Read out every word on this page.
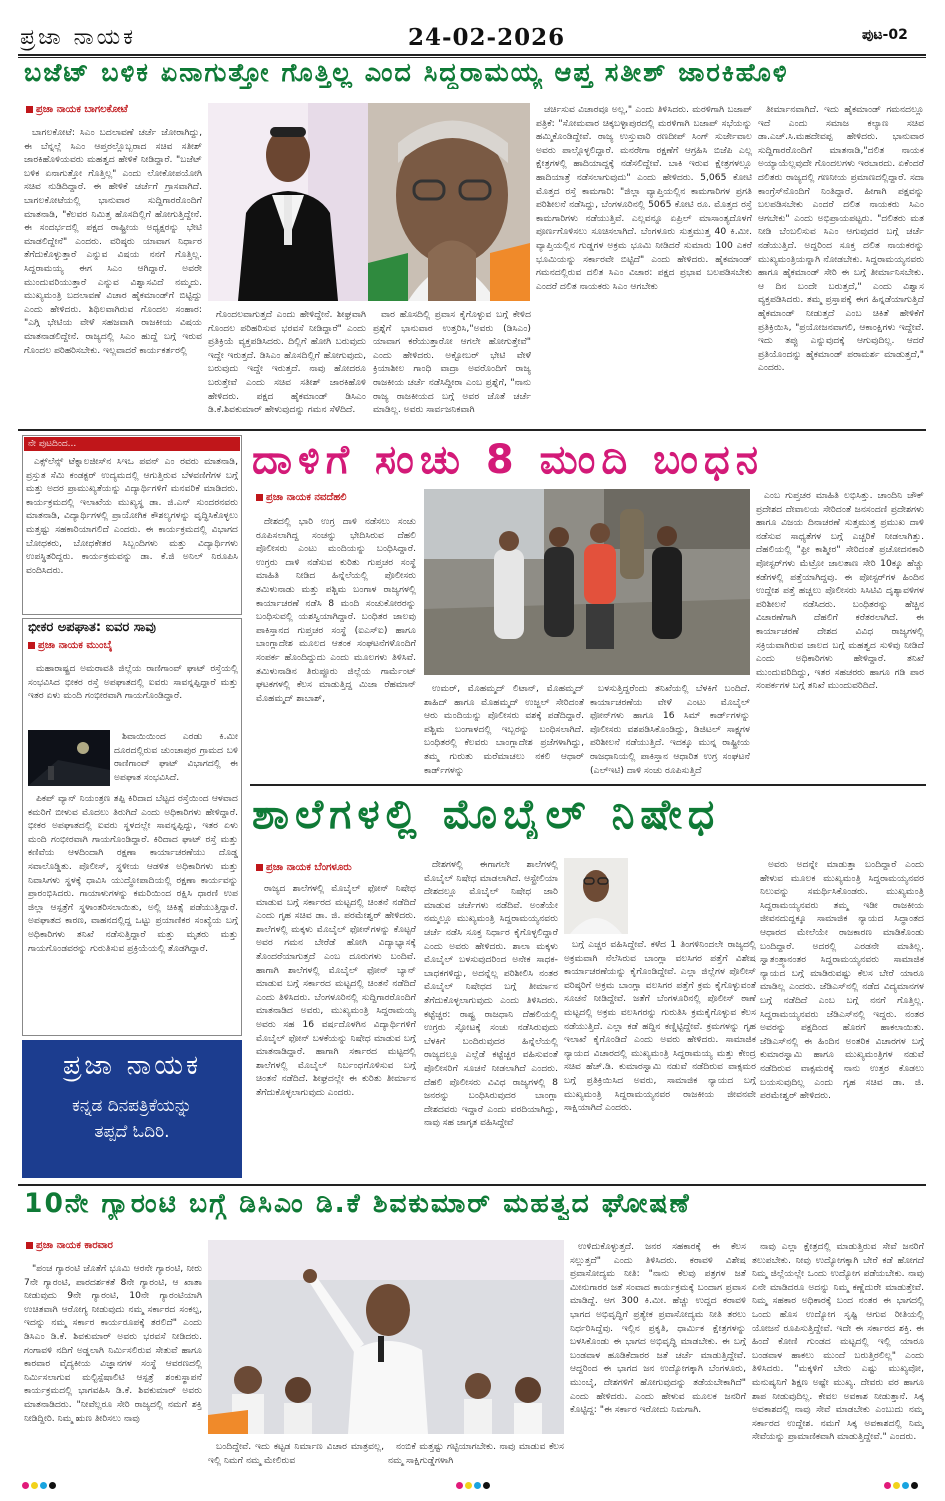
ಪ್ರಜಾ ನಾಯಕ	24-02-2026	ಪುಟ-02
ಬಜೆಟ್ ಬಳಿಕ ಏನಾಗುತ್ತೋ ಗೊತ್ತಿಲ್ಲ ಎಂದ ಸಿದ್ದರಾಮಯ್ಯ ಆಪ್ತ ಸತೀಶ್ ಜಾರಕಿಹೊಳಿ
ಪ್ರಜಾ ನಾಯಕ ಬಾಗಲಕೋಟೆ

ಬಾಗಲಕೋಟೆ: ಸಿಎಂ ಬದಲಾವಣೆ ಚರ್ಚೆ ಜೋರಾಗಿದ್ದು, ಈ ಬೆನ್ನಲ್ಲೆ ಸಿಎಂ ಆಪ್ತರಲ್ಲೊಬ್ಬರಾದ ಸಚಿವ ಸತೀಶ್ ಜಾರಕಿಹೊಳಿಯವರು ಮಹತ್ವದ ಹೇಳಿಕೆ ನೀಡಿದ್ದಾರೆ. "ಬಜೆಟ್ ಬಳಿಕ ಏನಾಗುತ್ತೋ ಗೊತ್ತಿಲ್ಲ" ಎಂದು ಲೋಕೋಪಯೋಗಿ ಸಚಿವ ನುಡಿದಿದ್ದಾರೆ. ಈ ಹೇಳಿಕೆ ಚರ್ಚೆಗೆ ಗ್ರಾಸವಾಗಿದೆ. ಬಾಗಲಕೋಟೆಯಲ್ಲಿ ಭಾನುವಾರ ಸುದ್ದಿಗಾರರೊಂದಿಗೆ ಮಾತನಾಡಿ, "ಕೆಲವರ ನಿಮಿತ್ತ ಹೊಸದಿಲ್ಲಿಗೆ ಹೋಗುತ್ತಿದ್ದೇನೆ. ಈ ಸಂದರ್ಭದಲ್ಲಿ ಪಕ್ಷದ ರಾಷ್ಟ್ರೀಯ ಅಧ್ಯಕ್ಷರನ್ನು ಭೇಟಿ ಮಾಡಲಿದ್ದೇನೆ" ಎಂದರು. ವರಿಷ್ಠರು ಯಾವಾಗ ನಿರ್ಧಾರ ತೆಗೆದುಕೊಳ್ಳುತ್ತಾರೆ ಎನ್ನುವ ವಿಷಯ ನನಗೆ ಗೊತ್ತಿಲ್ಲ. ಸಿದ್ದರಾಮಯ್ಯ ಈಗ ಸಿಎಂ ಆಗಿದ್ದಾರೆ. ಅವರೇ ಮುಂದುವರಿಯುತ್ತಾರೆ ಎನ್ನುವ ವಿಶ್ವಾಸವಿದೆ ನಮ್ಮದು. ಮುಖ್ಯಮಂತ್ರಿ ಬದಲಾವಣೆ ವಿಚಾರ ಹೈಕಮಾಂಡ್‌ಗೆ ಬಿಟ್ಟಿದ್ದು ಎಂದು ಹೇಳಿದರು. ಶಿಥಿಲವಾಗಿರುವ ಗೊಂದಲ ಸಂಹಾರ: "ಎಗ್ಗಿ ಭೇಟಿಯ ವೇಳೆ ಸಹಜವಾಗಿ ರಾಜಕೀಯ ವಿಷಯ ಮಾತನಾಡಲಿದ್ದೇನೆ. ರಾಜ್ಯದಲ್ಲಿ ಸಿಎಂ ಹುದ್ದೆ ಬಗ್ಗೆ ಇರುವ ಗೊಂದಲ ಪರಿಹರಿಸಬೇಕು. ಇಲ್ಲವಾದರೆ ಕಾರ್ಯಕರ್ತರಲ್ಲಿ

ಗೊಂದಲವಾಗುತ್ತದೆ ಎಂದು ಹೇಳಿದ್ದೇನೆ. ಶೀಘ್ರವಾಗಿ ಗೊಂದಲ ಪರಿಹರಿಸುವ ಭರವಸೆ ನೀಡಿದ್ದಾರೆ" ಎಂದು ಪ್ರತಿಕ್ರಿಯೆ ವ್ಯಕ್ತಪಡಿಸಿದರು. ದಿಲ್ಲಿಗೆ ಹೋಗಿ ಬರುವುದು ಇದ್ದೇ ಇರುತ್ತದೆ. ಡಿಸಿಎಂ ಹೊಸದಿಲ್ಲಿಗೆ ಹೋಗುವುದು, ಬರುವುದು ಇದ್ದೇ ಇರುತ್ತದೆ. ನಾವು ಹೋದರೂ ಬರುತ್ತೇವೆ ಎಂದು ಸಚಿವ ಸತೀಶ್ ಜಾರಕಿಹೊಳಿ ಹೇಳಿದರು. ಪಕ್ಷದ ಹೈಕಮಾಂಡ್ ಡಿಸಿಎಂ ಡಿ.ಕೆ.ಶಿವಕುಮಾರ್ ಹೇಳುವುದನ್ನು ಗಮನ ಸೆಳೆದಿದೆ.

ವಾರ ಹೊಸದಿಲ್ಲಿ ಪ್ರವಾಸ ಕೈಗೊಳ್ಳುವ ಬಗ್ಗೆ ಕೇಳಿದ ಪ್ರಶ್ನೆಗೆ ಭಾನುವಾರ ಉತ್ತರಿಸಿ,"ಅವರು (ಡಿಸಿಎಂ) ಯಾವಾಗ ಕರೆಯುತ್ತಾರೋ ಆಗಲೇ ಹೋಗುತ್ತೇವೆ" ಎಂದು ಹೇಳಿದರು. ಅಕ್ಟೋಬರ್ ಭೇಟಿ ವೇಳೆ ಕ್ರಿಯಾಶೀಲ ಗಾಂಧಿ ವಾದ್ರಾ ಅವರೊಂದಿಗೆ ರಾಜ್ಯ ರಾಜಕೀಯ ಚರ್ಚೆ ನಡೆಸಿದ್ದೀರಾ ಎಂಬ ಪ್ರಶ್ನೆಗೆ, "ನಾನು ರಾಜ್ಯ ರಾಜಕೀಯದ ಬಗ್ಗೆ ಅವರ ಜೊತೆ ಚರ್ಚೆ ಮಾಡಿಲ್ಲ. ಅವರು ಸಾರ್ವಜನಿಕವಾಗಿ

ಚರ್ಚಿಸುವ ವಿಚಾರವೂ ಅಲ್ಲ," ಎಂದು ತಿಳಿಸಿದರು. ಮರಳಿಗಾಗಿ ಬಜಾಪ್ ಪತ್ರಿಕೆ: "ಸೋಮವಾರ ಚಿಕ್ಕಬಳ್ಳಾಪುರದಲ್ಲಿ ಮರಳಿಗಾಗಿ ಬಜಾಪ್ ಸಭೆಯನ್ನು ಹಮ್ಮಿಕೊಂಡಿದ್ದೇವೆ. ರಾಜ್ಯ ಉಸ್ತುವಾರಿ ರಣದೀಪ್ ಸಿಂಗ್ ಸುರ್ಜೇವಾಲ ಅವರು ಪಾಲ್ಗೊಳ್ಳಲಿದ್ದಾರೆ. ಮನರೇಗಾ ರಕ್ಷಣೆಗೆ ಆಗ್ರಹಿಸಿ ಬಿಜೆಪಿ ಎಲ್ಲ ಕ್ಷೇತ್ರಗಳಲ್ಲಿ ಹಾದಿಯಾದ್ದಕ್ಕೆ ನಡೆಸಲಿದ್ದೇವೆ. ಬಾಕಿ ಇರುವ ಕ್ಷೇತ್ರಗಳಲ್ಲೂ ಹಾದಿಯಾತ್ರೆ ನಡೆಸಲಾಗುವುದು" ಎಂದು ಹೇಳಿದರು. 5,065 ಕೋಟಿ ಮೊತ್ತದ ರಸ್ತೆ ಕಾಮಗಾರಿ: "ಜಿಲ್ಲಾ ವ್ಯಾಪ್ತಿಯಲ್ಲಿನ ಕಾಮಗಾರಿಗಳ ಪ್ರಗತಿ ಪರಿಶೀಲನೆ ನಡೆಸಿದ್ದು, ಬೆಂಗಳೂರಿನಲ್ಲಿ 5065 ಕೋಟಿ ರೂ. ಮೊತ್ತದ ರಸ್ತೆ ಕಾಮಗಾರಿಗಳು ನಡೆಯುತ್ತಿವೆ. ಎಲ್ಲವನ್ನೂ ಏಪ್ರಿಲ್ ಮಾಸಾಂತ್ಯದೊಳಗೆ ಪೂರ್ಣಗೊಳಿಸಲು ಸೂಚಿಸಲಾಗಿದೆ. ಬೆಂಗಳೂರು ಸುತ್ತಮುತ್ತ 40 ಕಿ.ಮೀ. ವ್ಯಾಪ್ತಿಯಲ್ಲಿನ ಗುಡ್ಡಗಳ ಅಕ್ರಮ ಭೂಮಿ ನೀಡಿದರೆ ಸುಮಾರು 100 ಎಕರೆ ಭೂಮಿಯನ್ನು ಸರ್ಕಾರವೇ ಬಿಟ್ಟಿದೆ" ಎಂದು ಹೇಳಿದರು. ಹೈಕಮಾಂಡ್ ಗಮನದಲ್ಲಿರುವ ದಲಿತ ಸಿಎಂ ವಿಚಾರ: ಪಕ್ಷದ ಪ್ರಭಾವ ಬಲಪಡಿಸಬೇಕು ಎಂದರೆ ದಲಿತ ನಾಯಕರು ಸಿಎಂ ಆಗಬೇಕು

ತೀರ್ಮಾನವಾಗಿದೆ. ಇದು ಹೈಕಮಾಂಡ್ ಗಮನದಲ್ಲೂ ಇದೆ ಎಂದು ಸಮಾಜ ಕಲ್ಯಾಣ ಸಚಿವ ಡಾ.ಎಚ್.ಸಿ.ಮಹದೇವಪ್ಪ ಹೇಳಿದರು. ಭಾನುವಾರ ಸುದ್ದಿಗಾರರೊಂದಿಗೆ ಮಾತನಾಡಿ,"ದಲಿತ ನಾಯಕ ಅಯ್ಯಾಯೆಲ್ಲವುದೇ ಗೊಂದಲಗಳು ಇರಬಾರದು. ಏಕೆಂದರೆ ದಲಿತರು ರಾಜ್ಯದಲ್ಲಿ ಗಣನೀಯ ಪ್ರಮಾಣದಲ್ಲಿದ್ದಾರೆ. ಸದಾ ಕಾಂಗ್ರೆಸ್‌ನೊಂದಿಗೆ ನಿಂತಿದ್ದಾರೆ. ಹೀಗಾಗಿ ಪಕ್ಷವನ್ನು ಬಲಪಡಿಸಬೇಕು ಎಂದರೆ ದಲಿತ ನಾಯಕರು ಸಿಎಂ ಆಗಬೇಕು" ಎಂದು ಅಭಿಪ್ರಾಯಪಟ್ಟರು. "ದಲಿತರು ಮತ ನೀಡಿ ಬೆಂಬಲಿಸುವ ಸಿಎಂ ಆಗುವುದರ ಬಗ್ಗೆ ಚರ್ಚೆ ನಡೆಯುತ್ತಿದೆ. ಅದ್ದರಿಂದ ಸೂಕ್ತ ದಲಿತ ನಾಯಕರನ್ನು ಮುಖ್ಯಮಂತ್ರಿಯನ್ನಾಗಿ ನೋಡಬೇಕು. ಸಿದ್ದರಾಮಯ್ಯನವರು ಹಾಗೂ ಹೈಕಮಾಂಡ್ ಸೇರಿ ಈ ಬಗ್ಗೆ ತೀರ್ಮಾನಿಸಬೇಕು. ಆ ದಿನ ಬಂದೇ ಬರುತ್ತದೆ," ಎಂದು ವಿಶ್ವಾಸ ವ್ಯಕ್ತಪಡಿಸಿದರು. ತಮ್ಮ ಪ್ರಸ್ತಾಪಕ್ಕೆ ಈಗ ಹಿನ್ನಡೆಯಾಗುತ್ತಿದೆ ಹೈಕಮಾಂಡ್ ನೀಡುತ್ತದೆ ಎಂಬ ಚಿಕಿತೆ ಹೇಳಿಕೆಗೆ ಪ್ರತಿಕ್ರಿಯಿಸಿ, "ಪ್ರಯೋಜನವಾಗಲಿ, ಆಕಾಂಕ್ಷಿಗಳು ಇದ್ದೇವೆ. ಇದು ತಪ್ಪು ಎನ್ನುವುದಕ್ಕೆ ಆಗುವುದಿಲ್ಲ. ಆದರೆ ಪ್ರತಿಯೊಂದನ್ನು ಹೈಕಮಾಂಡ್ ಪರಾಮರ್ಶ ಮಾಡುತ್ತದೆ," ಎಂದರು.

ನೇ ಪುಟದಿಂದ...

ಎಕ್ಸ್‌ಲೆನ್ಸ್ ಟೆಕ್ನಾಲಜೀಸ್‌ನ ಸಿಇಒ ಪವನ್ ಎಂ ರವರು ಮಾತನಾಡಿ, ಪ್ರಸ್ತುತ ಸೆಮಿ ಕಂಡಕ್ಟರ್ ಉದ್ಯಮದಲ್ಲಿ ಆಗುತ್ತಿರುವ ಬೆಳವಣಿಗೆಗಳ ಬಗ್ಗೆ ಮತ್ತು ಅದರ ಪ್ರಾಮುಖ್ಯತೆಯನ್ನು ವಿದ್ಯಾರ್ಥಿಗಳಿಗೆ ಮನವರಿಕೆ ಮಾಡಿದರು. ಕಾರ್ಯಕ್ರಮದಲ್ಲಿ ಇಲಾಖೆಯ ಮುಖ್ಯಸ್ಥ ಡಾ. ಜಿ.ಎನ್ ಸುಂದರನವರು ಮಾತನಾಡಿ, ವಿದ್ಯಾರ್ಥಿಗಳಲ್ಲಿ ಪ್ರಾಯೋಗಿಕ ಕೌಶಲ್ಯಗಳನ್ನು ವೃದ್ಧಿಸಿಕೊಳ್ಳಲು ಮತ್ತಷ್ಟು ಸಹಕಾರಿಯಾಗಲಿದೆ ಎಂದರು. ಈ ಕಾರ್ಯಕ್ರಮದಲ್ಲಿ ವಿಭಾಗದ ಬೋಧಕರು, ಬೋಧಕೇತರ ಸಿಬ್ಬಂದಿಗಳು ಮತ್ತು ವಿದ್ಯಾರ್ಥಿಗಳು ಉಪಸ್ಥಿತರಿದ್ದರು. ಕಾರ್ಯಕ್ರಮವನ್ನು ಡಾ. ಕೆ.ಜಿ ಅನಿಲ್ ನಿರೂಪಿಸಿ ವಂದಿಸಿದರು.

ಭೀಕರ ಅಪಘಾತ: ಐವರ ಸಾವು
ಪ್ರಜಾ ನಾಯಕ ಮುಂಬೈ

ಮಹಾರಾಷ್ಟ್ರದ ಅಮರಾವತಿ ಜಿಲ್ಲೆಯ ರಾಣಿಗಾಂವ್ ಘಾಟ್ ರಸ್ತೆಯಲ್ಲಿ ಸಂಭವಿಸಿದ ಭೀಕರ ರಸ್ತೆ ಅಪಘಾತದಲ್ಲಿ ಐವರು ಸಾವನ್ನಪ್ಪಿದ್ದಾರೆ ಮತ್ತು ಇತರ ಏಳು ಮಂದಿ ಗಂಭೀರವಾಗಿ ಗಾಯಗೊಂಡಿದ್ದಾರೆ.

ಶಿವಾಯಿಯಿಂದ ಎರಡು ಕಿ.ಮೀ ದೂರದಲ್ಲಿರುವ ಚುಂಚಾಪುರ ಗ್ರಾಮದ ಬಳಿ ರಾಣಿಗಾಂವ್ ಘಾಟ್ ವಿಭಾಗದಲ್ಲಿ ಈ ಅಪಘಾತ ಸಂಭವಿಸಿದೆ.

ಪಿಕಪ್ ವ್ಯಾನ್ ನಿಯಂತ್ರಣ ತಪ್ಪಿ ಕಿರಿದಾದ ಬೆಟ್ಟದ ರಸ್ತೆಯಿಂದ ಆಳವಾದ ಕಮರಿಗೆ ಬೀಳುವ ಮೊದಲು ತಿರುಗಿದೆ ಎಂದು ಅಧಿಕಾರಿಗಳು ಹೇಳಿದ್ದಾರೆ. ಭೀಕರ ಅಪಘಾತದಲ್ಲಿ ಐವರು ಸ್ಥಳದಲ್ಲೇ ಸಾವನ್ನಪ್ಪಿದ್ದು, ಇತರ ಏಳು ಮಂದಿ ಗಂಭೀರವಾಗಿ ಗಾಯಗೊಂಡಿದ್ದಾರೆ. ಕಿರಿದಾದ ಘಾಟ್ ರಸ್ತೆ ಮತ್ತು ಕಣಿವೆಯ ಆಳದಿಂದಾಗಿ ರಕ್ಷಣಾ ಕಾರ್ಯಾಚರಣೆಯು ದೊಡ್ಡ ಸವಾಲೊಡ್ಡಿತು. ಪೊಲೀಸ್, ಸ್ಥಳೀಯ ಆಡಳಿತ ಅಧಿಕಾರಿಗಳು ಮತ್ತು ನಿವಾಸಿಗಳು ಸ್ಥಳಕ್ಕೆ ಧಾವಿಸಿ ಯುದ್ಧೋಪಾದಿಯಲ್ಲಿ ರಕ್ಷಣಾ ಕಾರ್ಯವನ್ನು ಪ್ರಾರಂಭಿಸಿದರು. ಗಾಯಾಳುಗಳನ್ನು ಕಮರಿಯಿಂದ ರಕ್ಷಿಸಿ ಧಾರಣಿ ಉಪ ಜಿಲ್ಲಾ ಆಸ್ಪತ್ರೆಗೆ ಸ್ಥಳಾಂತರಿಸಲಾಯಿತು, ಅಲ್ಲಿ ಚಿಕಿತ್ಸೆ ಪಡೆಯುತ್ತಿದ್ದಾರೆ. ಅಪಘಾತದ ಕಾರಣ, ವಾಹನದಲ್ಲಿದ್ದ ಒಟ್ಟು ಪ್ರಯಾಣಿಕರ ಸಂಖ್ಯೆಯ ಬಗ್ಗೆ ಅಧಿಕಾರಿಗಳು ತನಿಖೆ ನಡೆಸುತ್ತಿದ್ದಾರೆ ಮತ್ತು ಮೃತರು ಮತ್ತು ಗಾಯಗೊಂಡವರನ್ನು ಗುರುತಿಸುವ ಪ್ರಕ್ರಿಯೆಯಲ್ಲಿ ತೊಡಗಿದ್ದಾರೆ.

ಪ್ರಜಾ ನಾಯಕ
ಕನ್ನಡ ದಿನಪತ್ರಿಕೆಯನ್ನು
ತಪ್ಪದೆ ಓದಿರಿ.
ದಾಳಿಗೆ ಸಂಚು 8 ಮಂದಿ ಬಂಧನ
ಪ್ರಜಾ ನಾಯಕ ನವದೆಹಲಿ

ದೇಶದಲ್ಲಿ ಭಾರಿ ಉಗ್ರ ದಾಳಿ ನಡೆಸಲು ಸಂಚು ರೂಪಿಸಲಾಗಿದ್ದ ಸಂಚನ್ನು ಭೇದಿಸಿರುವ ದೆಹಲಿ ಪೊಲೀಸರು ಎಂಟು ಮಂದಿಯನ್ನು ಬಂಧಿಸಿದ್ದಾರೆ. ಉಗ್ರರು ದಾಳಿ ನಡೆಸುವ ಕುರಿತು ಗುಪ್ತಚರ ಸಂಸ್ಥೆ ಮಾಹಿತಿ ನೀಡಿದ ಹಿನ್ನೆಲೆಯಲ್ಲಿ ಪೊಲೀಸರು ತಮಿಳುನಾಡು ಮತ್ತು ಪಶ್ಚಿಮ ಬಂಗಾಳ ರಾಜ್ಯಗಳಲ್ಲಿ ಕಾರ್ಯಾಚರಣೆ ನಡೆಸಿ 8 ಮಂದಿ ಸಂಚುಕೋರರನ್ನು ಬಂಧಿಸುವಲ್ಲಿ ಯಶಸ್ವಿಯಾಗಿದ್ದಾರೆ. ಬಂಧಿತರ ಜಾಲವು ಪಾಕಿಸ್ತಾನದ ಗುಪ್ತಚರ ಸಂಸ್ಥೆ (ಐಎಸ್ಐ) ಹಾಗೂ ಬಾಂಗ್ಲಾದೇಶ ಮೂಲದ ಆತಂಕ ಸಂಘಟನೆಗಳೊಂದಿಗೆ ಸಂಪರ್ಕ ಹೊಂದಿದ್ದುದು ಎಂದು ಮೂಲಗಳು ತಿಳಿಸಿವೆ. ತಮಿಳುನಾಡಿನ ತಿರುಪ್ಪೂರು ಜಿಲ್ಲೆಯ ಗಾರ್ಮೆಂಟ್ ಘಟಕಗಳಲ್ಲಿ ಕೆಲಸ ಮಾಡುತ್ತಿದ್ದ ಮಿಜಾ ರೆಹಮಾನ್ ಮೊಹಮ್ಮದ್ ಶಾಬಾಶ್,

ಉಮರ್, ಮೊಹಮ್ಮದ್ ಲಿಟಾನ್, ಮೊಹಮ್ಮದ್ ಶಾಹಿದ್ ಹಾಗೂ ಮೊಹಮ್ಮದ್ ಉಜ್ಜಲ್ ಸೇರಿದಂತೆ ಆರು ಮಂದಿಯನ್ನು ಪೊಲೀಸರು ವಶಕ್ಕೆ ಪಡೆದಿದ್ದಾರೆ. ಪಶ್ಚಿಮ ಬಂಗಾಳದಲ್ಲಿ ಇಬ್ಬರನ್ನು ಬಂಧಿಸಲಾಗಿದೆ. ಬಂಧಿತರಲ್ಲಿ ಕೆಲವರು ಬಾಂಗ್ಲಾದೇಶ ಪ್ರಜೆಗಳಾಗಿದ್ದು, ತಮ್ಮ ಗುರುತು ಮರೆಮಾಚಲು ನಕಲಿ ಆಧಾರ್ ಕಾರ್ಡ್‌ಗಳನ್ನು

ಬಳಸುತ್ತಿದ್ದರೆಂದು ತನಿಖೆಯಲ್ಲಿ ಬೆಳಕಿಗೆ ಬಂದಿದೆ. ಕಾರ್ಯಾಚರಣೆಯ ವೇಳೆ ಎಂಟು ಮೊಬೈಲ್ ಫೋನ್‌ಗಳು ಹಾಗೂ 16 ಸಿಮ್ ಕಾರ್ಡ್‌ಗಳನ್ನು ಪೊಲೀಸರು ವಶಪಡಿಸಿಕೊಂಡಿದ್ದು, ಡಿಜಿಟಲ್ ಸಾಕ್ಷ್ಯಗಳ ಪರಿಶೀಲನೆ ನಡೆಯುತ್ತಿದೆ. ಇದಕ್ಕೂ ಮುನ್ನ ರಾಷ್ಟ್ರೀಯ ರಾಜಧಾನಿಯಲ್ಲಿ ಪಾಕಿಸ್ತಾನ ಆಧಾರಿತ ಉಗ್ರ ಸಂಘಟನೆ (ಎಲ್‌ಇಟಿ) ದಾಳಿ ಸಂಚು ರೂಪಿಸುತ್ತಿದೆ

ಎಂಬ ಗುಪ್ತಚರ ಮಾಹಿತಿ ಲಭಿಸಿತ್ತು. ಚಾಂದಿನಿ ಚೌಕ್ ಪ್ರದೇಶದ ದೇವಾಲಯ ಸೇರಿದಂತೆ ಜನಸಂದಣಿ ಪ್ರದೇಶಗಳು ಹಾಗೂ ವಿಜಯ ದಿನಾಚರಣೆ ಸುತ್ತಮುತ್ತ ಪ್ರಮುಖ ದಾಳಿ ನಡೆಸುವ ಸಾಧ್ಯತೆಗಳ ಬಗ್ಗೆ ಎಚ್ಚರಿಕೆ ನೀಡಲಾಗಿತ್ತು. ದೆಹಲಿಯಲ್ಲಿ "ಫ್ರೀ ಕಾಶ್ಮೀರ" ಸೇರಿದಂತೆ ಪ್ರಚೋದನಕಾರಿ ಪೋಸ್ಟರ್‌ಗಳು ಮೆಟ್ರೋ ಜಾಲತಾಣ ಸೇರಿ 10ಕ್ಕೂ ಹೆಚ್ಚು ಕಡೆಗಳಲ್ಲಿ ಪತ್ತೆಯಾಗಿದ್ದವು. ಈ ಪೋಸ್ಟರ್‌ಗಳ ಹಿಂದಿನ ಉದ್ದೇಶ ಪತ್ತೆ ಹಚ್ಚಲು ಪೊಲೀಸರು ಸಿಸಿಟಿವಿ ದೃಶ್ಯಾವಳಿಗಳ ಪರಿಶೀಲನೆ ನಡೆಸಿದರು. ಬಂಧಿತರನ್ನು ಹೆಚ್ಚಿನ ವಿಚಾರಣೆಗಾಗಿ ದೆಹಲಿಗೆ ಕರೆತರಲಾಗಿದೆ. ಈ ಕಾರ್ಯಾಚರಣೆ ದೇಶದ ವಿವಿಧ ರಾಜ್ಯಗಳಲ್ಲಿ ಸಕ್ರಿಯವಾಗಿರುವ ಜಾಲದ ಬಗ್ಗೆ ಮಹತ್ವದ ಸುಳಿವು ನೀಡಿದೆ ಎಂದು ಅಧಿಕಾರಿಗಳು ಹೇಳಿದ್ದಾರೆ. ತನಿಖೆ ಮುಂದುವರಿದಿದ್ದು, ಇತರ ಸಹಚರರು ಹಾಗೂ ಗಡಿ ಪಾರ ಸಂಪರ್ಕಗಳ ಬಗ್ಗೆ ತನಿಖೆ ಮುಂದುವರಿದಿದೆ.

ಶಾಲೆಗಳಲ್ಲಿ ಮೊಬೈಲ್ ನಿಷೇಧ
ಪ್ರಜಾ ನಾಯಕ ಬೆಂಗಳೂರು

ರಾಜ್ಯದ ಶಾಲೆಗಳಲ್ಲಿ ಮೊಬೈಲ್ ಫೋನ್ ನಿಷೇಧ ಮಾಡುವ ಬಗ್ಗೆ ಸರ್ಕಾರದ ಮಟ್ಟದಲ್ಲಿ ಚಿಂತನೆ ನಡೆದಿದೆ ಎಂದು ಗೃಹ ಸಚಿವ ಡಾ. ಜಿ. ಪರಮೇಶ್ವರ್ ಹೇಳಿದರು. ಶಾಲೆಗಳಲ್ಲಿ ಮಕ್ಕಳು ಮೊಬೈಲ್ ಫೋನ್‌ಗಳನ್ನು ಕೊಟ್ಟರೆ ಅವರ ಗಮನ ಬೇರೆಡೆ ಹೋಗಿ ವಿದ್ಯಾಭ್ಯಾಸಕ್ಕೆ ತೊಂದರೆಯಾಗುತ್ತದೆ ಎಂಬ ದೂರುಗಳು ಬಂದಿವೆ. ಹಾಗಾಗಿ ಶಾಲೆಗಳಲ್ಲಿ ಮೊಬೈಲ್ ಫೋನ್ ಬ್ಯಾನ್ ಮಾಡುವ ಬಗ್ಗೆ ಸರ್ಕಾರದ ಮಟ್ಟದಲ್ಲಿ ಚಿಂತನೆ ನಡೆದಿದೆ ಎಂದು ತಿಳಿಸಿದರು. ಬೆಂಗಳೂರಿನಲ್ಲಿ ಸುದ್ದಿಗಾರರೊಂದಿಗೆ ಮಾತನಾಡಿದ ಅವರು, ಮುಖ್ಯಮಂತ್ರಿ ಸಿದ್ದರಾಮಯ್ಯ ಅವರು ಸಹ 16 ವರ್ಷದೊಳಗಿನ ವಿದ್ಯಾರ್ಥಿಗಳಿಗೆ ಮೊಬೈಲ್ ಫೋನ್ ಬಳಕೆಯನ್ನು ನಿಷೇಧ ಮಾಡುವ ಬಗ್ಗೆ ಮಾತನಾಡಿದ್ದಾರೆ. ಹಾಗಾಗಿ ಸರ್ಕಾರದ ಮಟ್ಟದಲ್ಲಿ ಶಾಲೆಗಳಲ್ಲಿ ಮೊಬೈಲ್ ನಿರ್ಬಂಧಗೊಳಿಸುವ ಬಗ್ಗೆ ಚಿಂತನೆ ನಡೆದಿದೆ. ಶೀಘ್ರದಲ್ಲೇ ಈ ಕುರಿತು ತೀರ್ಮಾನ ತೆಗೆದುಕೊಳ್ಳಲಾಗುವುದು ಎಂದರು.

ದೇಶಗಳಲ್ಲಿ ಈಗಾಗಲೇ ಶಾಲೆಗಳಲ್ಲಿ ಮೊಬೈಲ್ ನಿಷೇಧ ಮಾಡಲಾಗಿದೆ. ಆಸ್ಟ್ರೇಲಿಯಾ ದೇಶದಲ್ಲೂ ಮೊಬೈಲ್ ನಿಷೇಧ ಜಾರಿ ಮಾಡುವ ಚರ್ಚೆಗಳು ನಡೆದಿವೆ. ಅಂತೆಯೇ ನಮ್ಮಲ್ಲೂ ಮುಖ್ಯಮಂತ್ರಿ ಸಿದ್ದರಾಮಯ್ಯನವರು ಚರ್ಚೆ ನಡೆಸಿ ಸೂಕ್ತ ನಿರ್ಧಾರ ಕೈಗೊಳ್ಳಲಿದ್ದಾರೆ ಎಂದು ಅವರು ಹೇಳಿದರು. ಶಾಲಾ ಮಕ್ಕಳು ಮೊಬೈಲ್ ಬಳಸುವುದರಿಂದ ಅನೇಕ ಸಾಧಕ-ಬಾಧಕಗಳಿದ್ದು, ಅದನ್ನೆಲ್ಲ ಪರಿಶೀಲಿಸಿ ನಂತರ ಮೊಬೈಲ್ ನಿಷೇಧದ ಬಗ್ಗೆ ತೀರ್ಮಾನ ತೆಗೆದುಕೊಳ್ಳಲಾಗುವುದು ಎಂದು ತಿಳಿಸಿದರು. ಕಟ್ಟೆಚ್ಚರ: ರಾಷ್ಟ್ರ ರಾಜಧಾನಿ ದೆಹಲಿಯಲ್ಲಿ ಉಗ್ರರು ಸ್ಫೋಟಕ್ಕೆ ಸಂಚು ನಡೆಸಿರುವುದು ಬೆಳಕಿಗೆ ಬಂದಿರುವುದರ ಹಿನ್ನೆಲೆಯಲ್ಲಿ ರಾಜ್ಯದಲ್ಲೂ ಎಲ್ಲೆಡೆ ಕಟ್ಟೆಚ್ಚರ ವಹಿಸುವಂತೆ ಪೊಲೀಸರಿಗೆ ಸೂಚನೆ ನೀಡಲಾಗಿದೆ ಎಂದರು. ದೆಹಲಿ ಪೊಲೀಸರು ವಿವಿಧ ರಾಜ್ಯಗಳಲ್ಲಿ 8 ಜನರನ್ನು ಬಂಧಿಸಿರುವುದರ ಬಾಂಗ್ಲಾ ದೇಶದವರು ಇದ್ದಾರೆ ಎಂದು ವರದಿಯಾಗಿದ್ದು, ನಾವು ಸಹ ಜಾಗೃತ ವಹಿಸಿದ್ದೇವೆ

ಬಗ್ಗೆ ಎಚ್ಚರ ವಹಿಸಿದ್ದೇವೆ. ಕಳೆದ 1 ತಿಂಗಳಿನಿಂದಲೇ ರಾಜ್ಯದಲ್ಲಿ ಅಕ್ರಮವಾಗಿ ನೆಲೆಸಿರುವ ಬಾಂಗ್ಲಾ ವಲಸಿಗರ ಪತ್ತೆಗೆ ವಿಶೇಷ ಕಾರ್ಯಾಚರಣೆಯನ್ನು ಕೈಗೊಂಡಿದ್ದೇವೆ. ಎಲ್ಲಾ ಜಿಲ್ಲೆಗಳ ಪೊಲೀಸ್ ವರಿಷ್ಠರಿಗೆ ಅಕ್ರಮ ಬಾಂಗ್ಲಾ ವಲಸಿಗರ ಪತ್ತೆಗೆ ಕ್ರಮ ಕೈಗೊಳ್ಳುವಂತೆ ಸೂಚನೆ ನೀಡಿದ್ದೇವೆ. ಜತೆಗೆ ಬೆಂಗಳೂರಿನಲ್ಲಿ ಪೊಲೀಸ್ ಠಾಣೆ ಮಟ್ಟದಲ್ಲಿ ಅಕ್ರಮ ವಲಸಿಗರನ್ನು ಗುರುತಿಸಿ ಕ್ರಮಕೈಗೊಳ್ಳುವ ಕೆಲಸ ನಡೆಯುತ್ತಿದೆ. ಎಲ್ಲಾ ಕಡೆ ಹದ್ದಿನ ಕಣ್ಣಿಟ್ಟಿದ್ದೇವೆ. ಕ್ರಮಗಳನ್ನು ಗೃಹ ಇಲಾಖೆ ಕೈಗೊಂಡಿದೆ ಎಂದು ಅವರು ಹೇಳಿದರು. ಸಾಮಾಜಿಕ ನ್ಯಾಯದ ವಿಚಾರದಲ್ಲಿ ಮುಖ್ಯಮಂತ್ರಿ ಸಿದ್ದರಾಮಯ್ಯ ಮತ್ತು ಕೇಂದ್ರ ಸಚಿವ ಹೆಚ್.ಡಿ. ಕುಮಾರಸ್ವಾಮಿ ನಡುವೆ ನಡೆದಿರುವ ವಾಕ್ಸಮರ ಬಗ್ಗೆ ಪ್ರತಿಕ್ರಿಯಿಸಿದ ಅವರು, ಸಾಮಾಜಿಕ ನ್ಯಾಯದ ಬಗ್ಗೆ ಮುಖ್ಯಮಂತ್ರಿ ಸಿದ್ದರಾಮಯ್ಯನವರ ರಾಜಕೀಯ ಜೀವನವೇ ಸಾಕ್ಷಿಯಾಗಿದೆ ಎಂದರು.

ಅವರು ಅದನ್ನೇ ಮಾಡುತ್ತಾ ಬಂದಿದ್ದಾರೆ ಎಂದು ಹೇಳುವ ಮೂಲಕ ಮುಖ್ಯಮಂತ್ರಿ ಸಿದ್ದರಾಮಯ್ಯನವರ ನಿಲುವನ್ನು ಸಮರ್ಥಿಸಿಕೊಂಡರು. ಮುಖ್ಯಮಂತ್ರಿ ಸಿದ್ದರಾಮಯ್ಯನವರು ತಮ್ಮ ಇಡೀ ರಾಜಕೀಯ ಜೀವನದುದ್ದಕ್ಕೂ ಸಾಮಾಜಿಕ ನ್ಯಾಯದ ಸಿದ್ಧಾಂತದ ಆಧಾರದ ಮೇಲೆಯೇ ರಾಜಕಾರಣ ಮಾಡಿಕೊಂಡು ಬಂದಿದ್ದಾರೆ. ಅದರಲ್ಲಿ ಎರಡನೇ ಮಾತಿಲ್ಲ. ಸ್ವಾತಂತ್ರ್ಯಾನಂತರ ಸಿದ್ದರಾಮಯ್ಯನವರು ಸಾಮಾಜಿಕ ನ್ಯಾಯದ ಬಗ್ಗೆ ಮಾಡಿರುವಷ್ಟು ಕೆಲಸ ಬೇರೆ ಯಾರೂ ಮಾಡಿಲ್ಲ ಎಂದರು. ಜೆಡಿಎಸ್‌ನಲ್ಲಿ ನಡೆದ ವಿದ್ಯಮಾನಗಳ ಬಗ್ಗೆ ನಡೆದಿದೆ ಎಂಬ ಬಗ್ಗೆ ನನಗೆ ಗೊತ್ತಿಲ್ಲ. ಸಿದ್ದರಾಮಯ್ಯನವರು ಜೆಡಿಎಸ್‌ನಲ್ಲಿ ಇದ್ದರು. ನಂತರ ಅವರನ್ನು ಪಕ್ಷದಿಂದ ಹೊರಗೆ ಹಾಕಲಾಯಿತು. ಜೆಡಿಎಸ್‌ನಲ್ಲಿ ಈ ಹಿಂದಿನ ಅಂತರಿಕ ವಿಚಾರಗಳ ಬಗ್ಗೆ ಕುಮಾರಸ್ವಾಮಿ ಹಾಗೂ ಮುಖ್ಯಮಂತ್ರಿಗಳ ನಡುವೆ ನಡೆದಿರುವ ವಾಕ್ಸಮರಕ್ಕೆ ನಾನು ಉತ್ತರ ಕೊಡಲು ಬಯಸುವುದಿಲ್ಲ ಎಂದು ಗೃಹ ಸಚಿವ ಡಾ. ಜಿ. ಪರಮೇಶ್ವರ್ ಹೇಳಿದರು.

10ನೇ ಗ್ಯಾರಂಟಿ ಬಗ್ಗೆ ಡಿಸಿಎಂ ಡಿ.ಕೆ ಶಿವಕುಮಾರ್ ಮಹತ್ವದ ಘೋಷಣೆ
ಪ್ರಜಾ ನಾಯಕ ಕಾರವಾರ

"ಪಂಚ ಗ್ಯಾರಂಟಿ ಜೊತೆಗೆ ಭೂಮಿ ಆರನೇ ಗ್ಯಾರಂಟಿ, ನೀರು 7ನೇ ಗ್ಯಾರಂಟಿ, ಪಾರದರ್ಶಕತೆ 8ನೇ ಗ್ಯಾರಂಟಿ, ಆ ಖಾತಾ ನೀಡುವುದು 9ನೇ ಗ್ಯಾರಂಟಿ, 10ನೇ ಗ್ಯಾರಂಟಿಯಾಗಿ ಉಚಿತವಾಗಿ ಆರೋಗ್ಯ ನೀಡುವುದು ನಮ್ಮ ಸರ್ಕಾರದ ಸಂಕಲ್ಪ, ಇದನ್ನು ನಮ್ಮ ಸರ್ಕಾರ ಕಾರ್ಯರೂಪಕ್ಕೆ ತರಲಿದೆ" ಎಂದು ಡಿಸಿಎಂ ಡಿ.ಕೆ. ಶಿವಕುಮಾರ್ ಅವರು ಭರವಸೆ ನೀಡಿದರು. ಗಂಗಾವಳಿ ನದಿಗೆ ಅಡ್ಡಲಾಗಿ ನಿರ್ಮಿಸಲಿರುವ ಸೇತುವೆ ಹಾಗೂ ಕಾರವಾರ ವೈದ್ಯಕೀಯ ವಿಜ್ಞಾನಗಳ ಸಂಸ್ಥೆ ಆವರಣದಲ್ಲಿ ನಿರ್ಮಿಸಲಾಗುವ ಮಲ್ಟಿಸ್ಪೆಷಾಲಿಟಿ ಆಸ್ಪತ್ರೆ ಶಂಕುಸ್ಥಾಪನೆ ಕಾರ್ಯಕ್ರಮದಲ್ಲಿ ಭಾಗವಹಿಸಿ ಡಿ.ಕೆ. ಶಿವಕುಮಾರ್ ಅವರು ಮಾತನಾಡಿದರು. "ನೀವೆಲ್ಲರೂ ಸೇರಿ ರಾಜ್ಯದಲ್ಲಿ ನಮಗೆ ಶಕ್ತಿ ನೀಡಿದ್ದೀರಿ. ನಿಮ್ಮ ಋಣ ತೀರಿಸಲು ನಾವು

ಬಂದಿದ್ದೇವೆ. ಇದು ಕಟ್ಟಡ ನಿರ್ಮಾಣ ವಿಚಾರ ಮಾತ್ರವಲ್ಲ, ಇಲ್ಲಿ ನಿಮಗೆ ನಮ್ಮ ಮೇಲಿರುವ

ನಂಬಿಕೆ ಮತ್ತಷ್ಟು ಗಟ್ಟಿಯಾಗಬೇಕು. ನಾವು ಮಾಡುವ ಕೆಲಸ ನಮ್ಮ ಸಾಕ್ಷಿಗುಡ್ಡೆಗಳಾಗಿ

ಉಳಿದುಕೊಳ್ಳುತ್ತದೆ. ಜನರ ಸಹಕಾರಕ್ಕೆ ಈ ಕೆಲಸ ಸಲ್ಲುತ್ತದೆ" ಎಂದು ತಿಳಿಸಿದರು. ಕರಾವಳಿ ವಿಶೇಷ ಪ್ರವಾಸೋದ್ಯಮ ನೀತಿ: "ನಾನು ಕೆಲವು ಪತ್ರಗಳ ಜತೆ ಮೀನುಗಾರರ ಜತೆ ಸಂವಾದ ಕಾರ್ಯಕ್ರಮಕ್ಕೆ ಬಂದಾಗ ಪ್ರವಾಸ ಮಾಡಿದ್ದೆ. ಆಗ 300 ಕಿ.ಮೀ. ಹೆಚ್ಚು ಉದ್ದದ ಕರಾವಳಿ ಭಾಗದ ಅಭಿವೃದ್ಧಿಗೆ ಪ್ರತ್ಯೇಕ ಪ್ರವಾಸೋದ್ಯಮ ನೀತಿ ತರಲು ನಿರ್ಧರಿಸಿದ್ದೆವು. ಇಲ್ಲಿನ ಪ್ರಕೃತಿ, ಧಾರ್ಮಿಕ ಕ್ಷೇತ್ರಗಳನ್ನು ಬಳಸಿಕೊಂಡು ಈ ಭಾಗದ ಅಭಿವೃದ್ಧಿ ಮಾಡಬೇಕು. ಈ ಬಗ್ಗೆ ಬಂಡವಾಳ ಹೂಡಿಕೆದಾರರ ಜತೆ ಚರ್ಚೆ ಮಾಡುತ್ತಿದ್ದೇವೆ. ಆದ್ದರಿಂದ ಈ ಭಾಗದ ಜನ ಉದ್ಯೋಗಕ್ಕಾಗಿ ಬೆಂಗಳೂರು, ಮುಂಬೈ, ದೇಶಗಳಿಗೆ ಹೋಗುವುದನ್ನು ತಡೆಯಬೇಕಾಗಿದೆ" ಎಂದು ಹೇಳಿದರು. ಎಂದು ಹೇಳುವ ಮೂಲಕ ಜನರಿಗೆ ಕೊಟ್ಟಿದ್ದ: "ಈ ಸರ್ಕಾರ ಇರೋದು ನಿಮಗಾಗಿ.

ನಾವು ಎಲ್ಲಾ ಕ್ಷೇತ್ರದಲ್ಲಿ ಮಾಡುತ್ತಿರುವ ಸೇವೆ ಜನರಿಗೆ ತಲುಪಬೇಕು. ನೀವು ಉದ್ಯೋಗಕ್ಕಾಗಿ ಬೇರೆ ಕಡೆ ಹೋಗದೆ ನಿಮ್ಮ ಜಿಲ್ಲೆಯಲ್ಲೇ ಒಂದು ಉದ್ಯೋಗ ಪಡೆಯಬೇಕು. ನಾವು ಏನೇ ಮಾಡಿದರೂ ಅದನ್ನು ನಿಮ್ಮ ಕಣ್ಣೆದುರೇ ಮಾಡುತ್ತೇವೆ. ನಿಮ್ಮ ಸಹಕಾರ ಅಧಿಕಾರಕ್ಕೆ ಬಂದ ನಂತರ ಈ ಭಾಗದಲ್ಲಿ ಒಂದು ಹೊಸ ಉದ್ಯೋಗ ಸೃಷ್ಟಿ ಆಗುವ ರೀತಿಯಲ್ಲಿ ಯೋಜನೆ ರೂಪಿಸುತ್ತಿದ್ದೇವೆ. ಇದೇ ಈ ಸರ್ಕಾರದ ಶಕ್ತಿ. ಈ ಹಿಂದೆ ಕೋಣಿ ಗುಂಡದ ಮಟ್ಟದಲ್ಲಿ ಇಲ್ಲಿ ಯಾರೂ ಬಂಡವಾಳ ಹಾಕಲು ಮುಂದೆ ಬರುತ್ತಿರಲಿಲ್ಲ" ಎಂದು ತಿಳಿಸಿದರು. "ಮಕ್ಕಳಿಗೆ ಬೇರು ಎಷ್ಟು ಮುಖ್ಯವೋ, ಮನುಷ್ಯನಿಗೆ ಶಿಕ್ಷಣ ಅಷ್ಟೇ ಮುಖ್ಯ. ದೇವರು ವರ ಹಾಗೂ ಶಾಪ ನೀಡುವುದಿಲ್ಲ. ಕೇವಲ ಅವಕಾಶ ನೀಡುತ್ತಾನೆ. ಸಿಕ್ಕ ಅವಕಾಶದಲ್ಲಿ ನಾವು ಸೇವೆ ಮಾಡಬೇಕು ಎಂಬುದು ನಮ್ಮ ಸರ್ಕಾರದ ಉದ್ದೇಶ. ನಮಗೆ ಸಿಕ್ಕ ಅವಕಾಶದಲ್ಲಿ ನಿಮ್ಮ ಸೇವೆಯನ್ನು ಪ್ರಾಮಾಣಿಕವಾಗಿ ಮಾಡುತ್ತಿದ್ದೇವೆ." ಎಂದರು.
